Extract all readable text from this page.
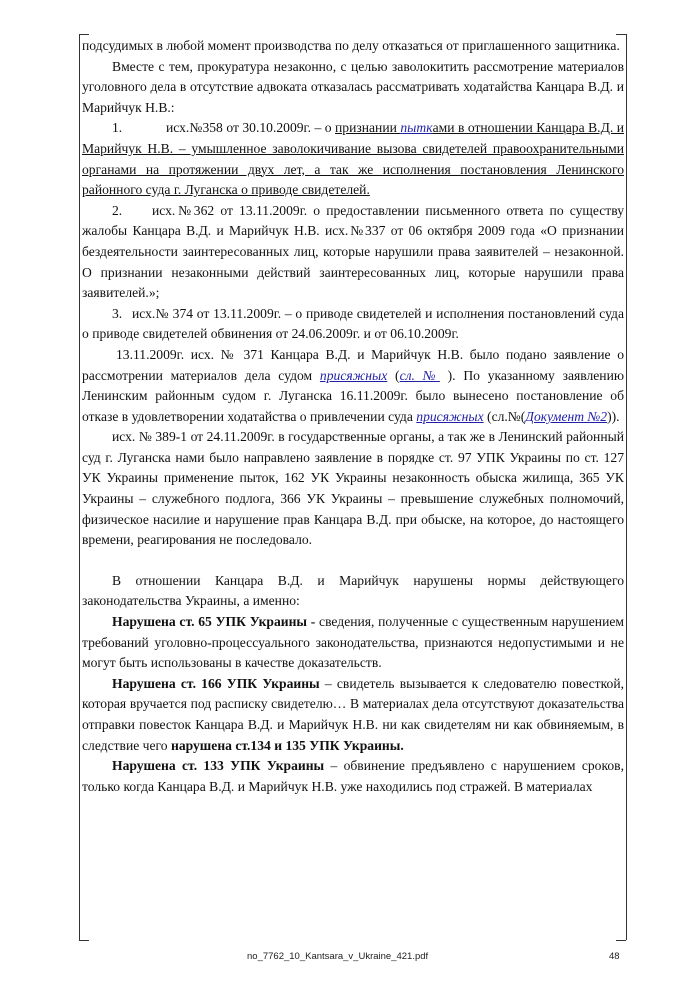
подсудимых в любой момент производства по делу отказаться от приглашенного защитника.

Вместе с тем, прокуратура незаконно, с целью заволокитить рассмотрение материалов уголовного дела в отсутствие адвоката отказалась рассматривать ходатайства Канцара В.Д. и Марийчук Н.В.:

1.	исх.№358 от 30.10.2009г. – о признании пытками в отношении Канцара В.Д. и Марийчук Н.В. – умышленное заволокичивание вызова свидетелей правоохранительными органами на протяжении двух лет, а так же исполнения постановления Ленинского районного суда г. Луганска о приводе свидетелей.

2. исх.№362 от 13.11.2009г. о предоставлении письменного ответа по существу жалобы Канцара В.Д. и Марийчук Н.В. исх.№337 от 06 октября 2009 года «О признании бездеятельности заинтересованных лиц, которые нарушили права заявителей – незаконной. О признании незаконными действий заинтересованных лиц, которые нарушили права заявителей.»;

3. исх.№ 374 от 13.11.2009г. – о приводе свидетелей и исполнения постановлений суда о приводе свидетелей обвинения от 24.06.2009г. и от 06.10.2009г.

13.11.2009г. исх. № 371 Канцара В.Д. и Марийчук Н.В. было подано заявление о рассмотрении материалов дела судом присяжных (сл. № ). По указанному заявлению Ленинским районным судом г. Луганска 16.11.2009г. было вынесено постановление об отказе в удовлетворении ходатайства о привлечении суда присяжных (сл.№(Документ №2)).

исх. № 389-1 от 24.11.2009г. в государственные органы, а так же в Ленинский районный суд г. Луганска нами было направлено заявление в порядке ст. 97 УПК Украины по ст. 127 УК Украины применение пыток, 162 УК Украины незаконность обыска жилища, 365 УК Украины – служебного подлога, 366 УК Украины – превышение служебных полномочий, физическое насилие и нарушение прав Канцара В.Д. при обыске, на которое, до настоящего времени, реагирования не последовало.

В отношении Канцара В.Д. и Марийчук нарушены нормы действующего законодательства Украины, а именно:

Нарушена ст. 65 УПК Украины - сведения, полученные с существенным нарушением требований уголовно-процессуального законодательства, признаются недопустимыми и не могут быть использованы в качестве доказательств.

Нарушена ст. 166 УПК Украины – свидетель вызывается к следователю повесткой, которая вручается под расписку свидетелю… В материалах дела отсутствуют доказательства отправки повесток Канцара В.Д. и Марийчук Н.В. ни как свидетелям ни как обвиняемым, в следствие чего нарушена ст.134 и 135 УПК Украины.

Нарушена ст. 133 УПК Украины – обвинение предъявлено с нарушением сроков, только когда Канцара В.Д. и Марийчук Н.В. уже находились под стражей. В материалах

no_7762_10_Kantsara_v_Ukraine_421.pdf	48
